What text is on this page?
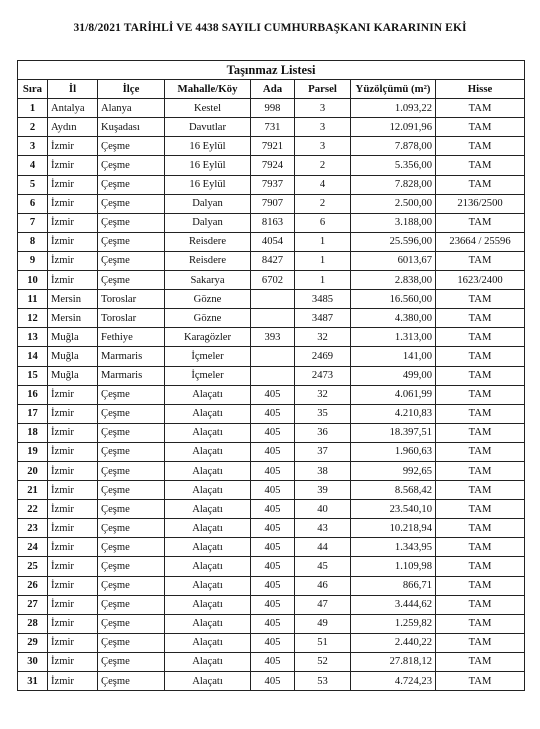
31/8/2021 TARİHLİ VE 4438 SAYILI CUMHURBAŞKANI KARARININ EKİ
Taşınmaz Listesi							
Sıra	İl	İlçe	Mahalle/Köy	Ada	Parsel	Yüzölçümü (m²)	Hisse
1	Antalya	Alanya	Kestel	998	3	1.093,22	TAM
2	Aydın	Kuşadası	Davutlar	731	3	12.091,96	TAM
3	İzmir	Çeşme	16 Eylül	7921	3	7.878,00	TAM
4	İzmir	Çeşme	16 Eylül	7924	2	5.356,00	TAM
5	İzmir	Çeşme	16 Eylül	7937	4	7.828,00	TAM
6	İzmir	Çeşme	Dalyan	7907	2	2.500,00	2136/2500
7	İzmir	Çeşme	Dalyan	8163	6	3.188,00	TAM
8	İzmir	Çeşme	Reisdere	4054	1	25.596,00	23664 / 25596
9	İzmir	Çeşme	Reisdere	8427	1	6013,67	TAM
10	İzmir	Çeşme	Sakarya	6702	1	2.838,00	1623/2400
11	Mersin	Toroslar	Gözne		3485	16.560,00	TAM
12	Mersin	Toroslar	Gözne		3487	4.380,00	TAM
13	Muğla	Fethiye	Karagözler	393	32	1.313,00	TAM
14	Muğla	Marmaris	İçmeler		2469	141,00	TAM
15	Muğla	Marmaris	İçmeler		2473	499,00	TAM
16	İzmir	Çeşme	Alaçatı	405	32	4.061,99	TAM
17	İzmir	Çeşme	Alaçatı	405	35	4.210,83	TAM
18	İzmir	Çeşme	Alaçatı	405	36	18.397,51	TAM
19	İzmir	Çeşme	Alaçatı	405	37	1.960,63	TAM
20	İzmir	Çeşme	Alaçatı	405	38	992,65	TAM
21	İzmir	Çeşme	Alaçatı	405	39	8.568,42	TAM
22	İzmir	Çeşme	Alaçatı	405	40	23.540,10	TAM
23	İzmir	Çeşme	Alaçatı	405	43	10.218,94	TAM
24	İzmir	Çeşme	Alaçatı	405	44	1.343,95	TAM
25	İzmir	Çeşme	Alaçatı	405	45	1.109,98	TAM
26	İzmir	Çeşme	Alaçatı	405	46	866,71	TAM
27	İzmir	Çeşme	Alaçatı	405	47	3.444,62	TAM
28	İzmir	Çeşme	Alaçatı	405	49	1.259,82	TAM
29	İzmir	Çeşme	Alaçatı	405	51	2.440,22	TAM
30	İzmir	Çeşme	Alaçatı	405	52	27.818,12	TAM
31	İzmir	Çeşme	Alaçatı	405	53	4.724,23	TAM
